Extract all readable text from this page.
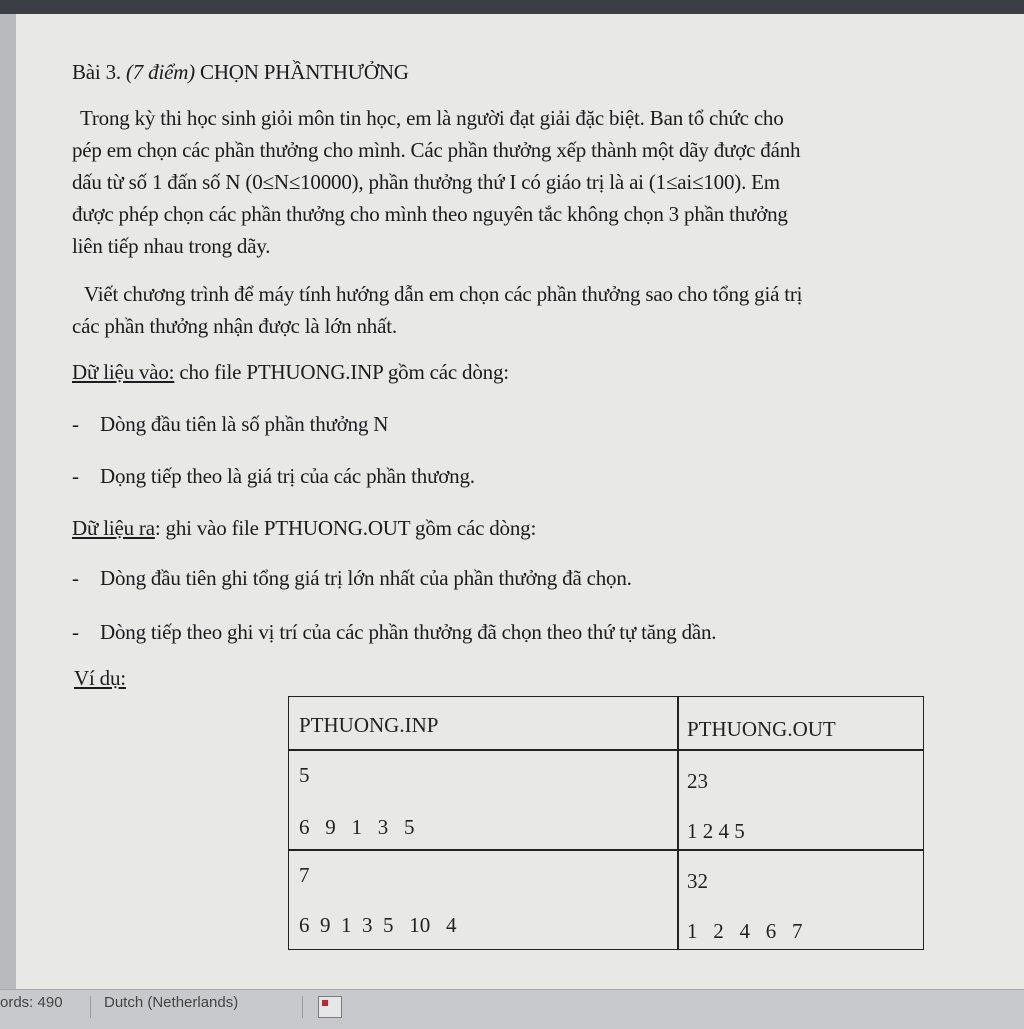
Bài 3. (7 điểm) CHỌN PHẦNTHƯỞNG
Trong kỳ thi học sinh giỏi môn tin học, em là người đạt giải đặc biệt. Ban tổ chức cho
pép em chọn các phần thưởng cho mình. Các phần thưởng xếp thành một dãy được đánh
dấu từ số 1 đấn số N (0≤N≤10000), phần thưởng thứ I có giáo trị là ai (1≤ai≤100). Em
được phép chọn các phần thưởng cho mình theo nguyên tắc không chọn 3 phần thưởng
liên tiếp nhau trong dãy.
Viết chương trình để máy tính hướng dẫn em chọn các phần thưởng sao cho tổng giá trị
các phần thưởng nhận được là lớn nhất.
Dữ liệu vào: cho file PTHUONG.INP gồm các dòng:
- Dòng đầu tiên là số phần thưởng N
- Dọng tiếp theo là giá trị của các phần thương.
Dữ liệu ra: ghi vào file PTHUONG.OUT gồm các dòng:
- Dòng đầu tiên ghi tổng giá trị lớn nhất của phần thưởng đã chọn.
- Dòng tiếp theo ghi vị trí của các phần thưởng đã chọn theo thứ tự tăng dần.
Ví dụ:
PTHUONG.INP	PTHUONG.OUT
5
6   9   1   3   5
23
1 2 4 5
7
6  9  1  3  5   10   4
32
1   2   4   6   7
ords: 490	Dutch (Netherlands)
